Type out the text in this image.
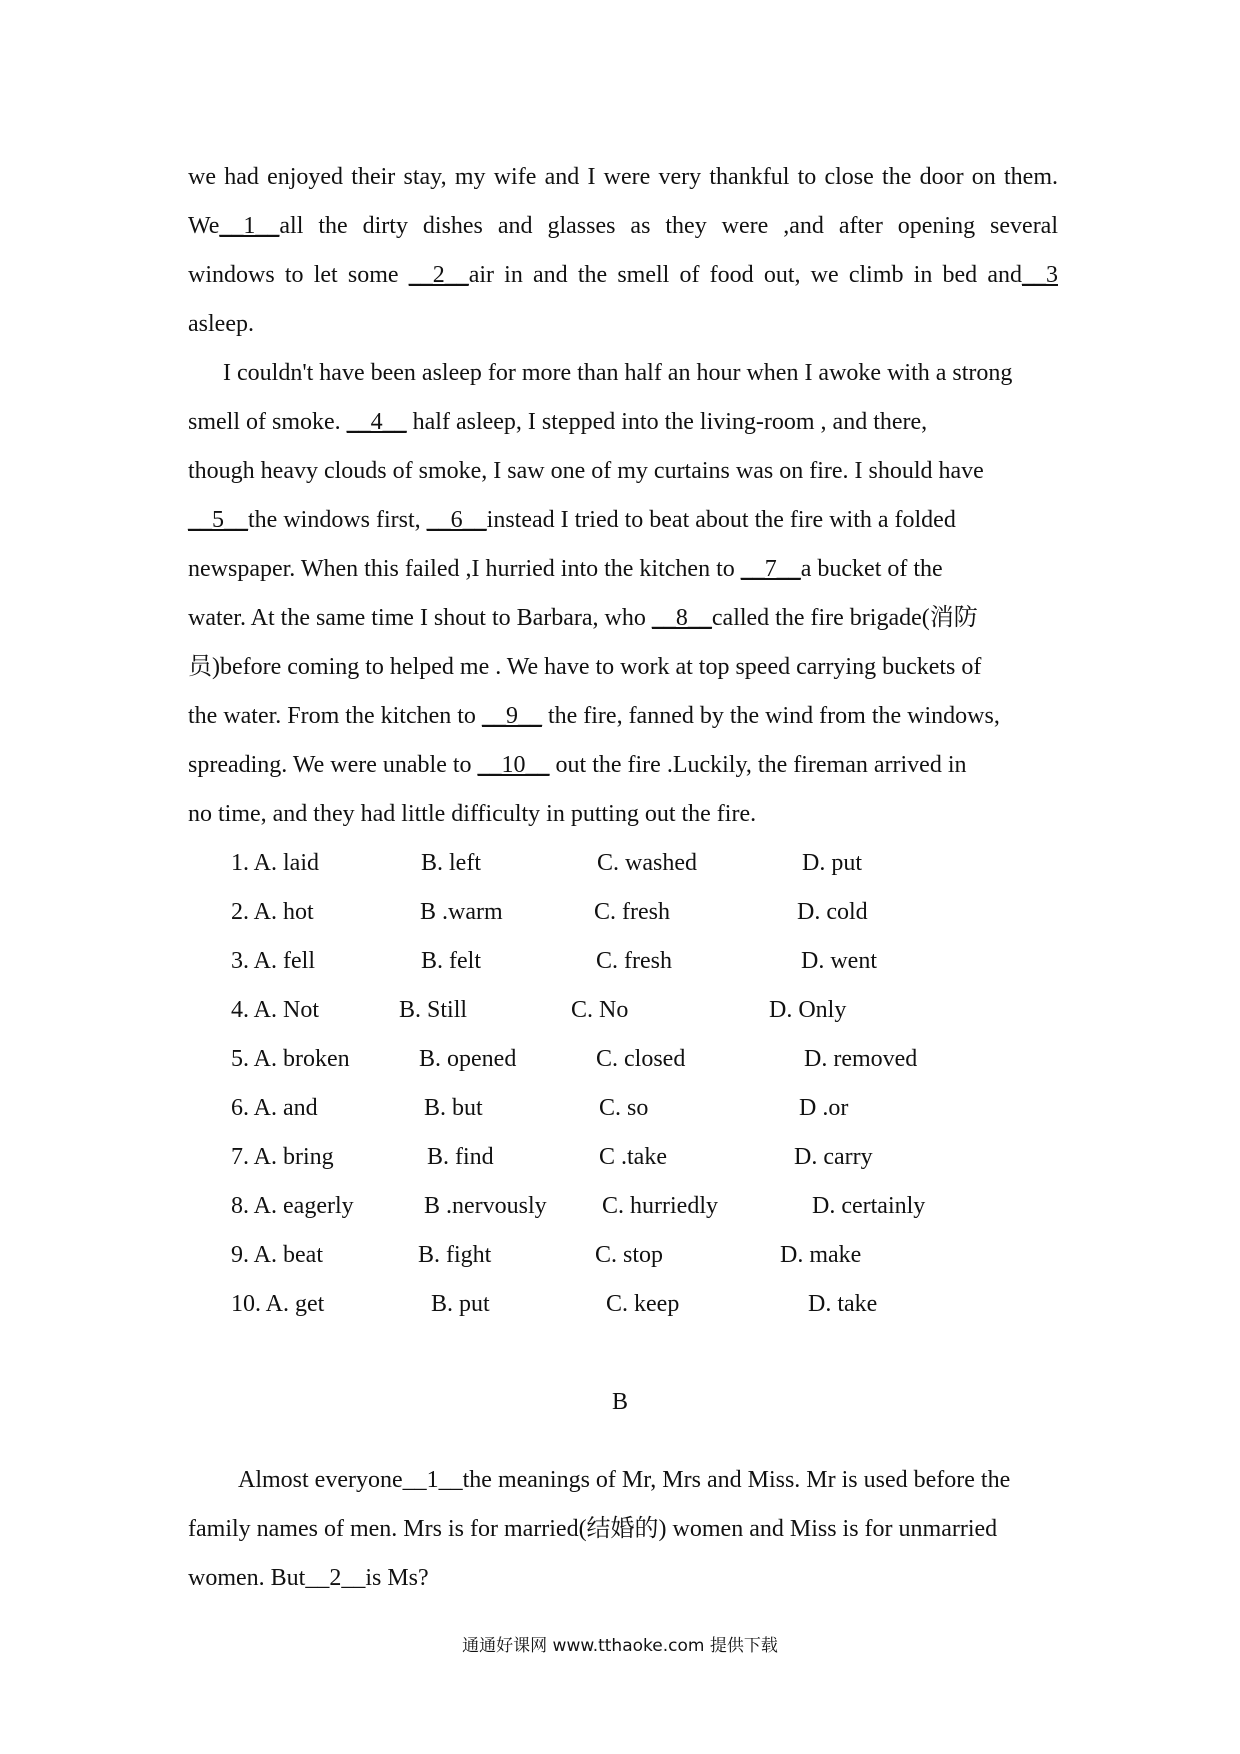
we had enjoyed their stay, my wife and I were very thankful to close the door on them.
We__1__all the dirty dishes and glasses as they were ,and after opening several
windows to let some __2__air in and the smell of food out, we climb in bed and__3
asleep.
I couldn't have been asleep for more than half an hour when I awoke with a strong
smell of smoke. __4__ half asleep, I stepped into the living-room , and there,
though heavy clouds of smoke, I saw one of my curtains was on fire. I should have
__5__the windows first, __6__instead I tried to beat about the fire with a folded
newspaper. When this failed ,I hurried into the kitchen to __7__a bucket of the
water. At the same time I shout to Barbara, who __8__called the fire brigade(消防
员)before coming to helped me . We have to work at top speed carrying buckets of
the water. From the kitchen to __9__ the fire, fanned by the wind from the windows,
spreading. We were unable to __10__ out the fire .Luckily, the fireman arrived in
no time, and they had little difficulty in putting out the fire.
1. A. laid	B. left	C. washed	D. put
2. A. hot	B .warm	C. fresh	D. cold
3. A. fell	B. felt	C. fresh	D. went
4. A. Not	B. Still	C. No	D. Only
5. A. broken	B. opened	C. closed	D. removed
6. A. and	B. but	C. so	D .or
7. A. bring	B. find	C .take	D. carry
8. A. eagerly	B .nervously C. hurriedly	D. certainly
9. A. beat	B. fight	C. stop	D. make
10. A. get	B. put	C. keep	D. take
B
Almost everyone__1__the meanings of Mr, Mrs and Miss. Mr is used before the
family names of men. Mrs is for married(结婚的) women and Miss is for unmarried
women. But__2__is Ms?
通通好课网 www.tthaoke.com 提供下载
